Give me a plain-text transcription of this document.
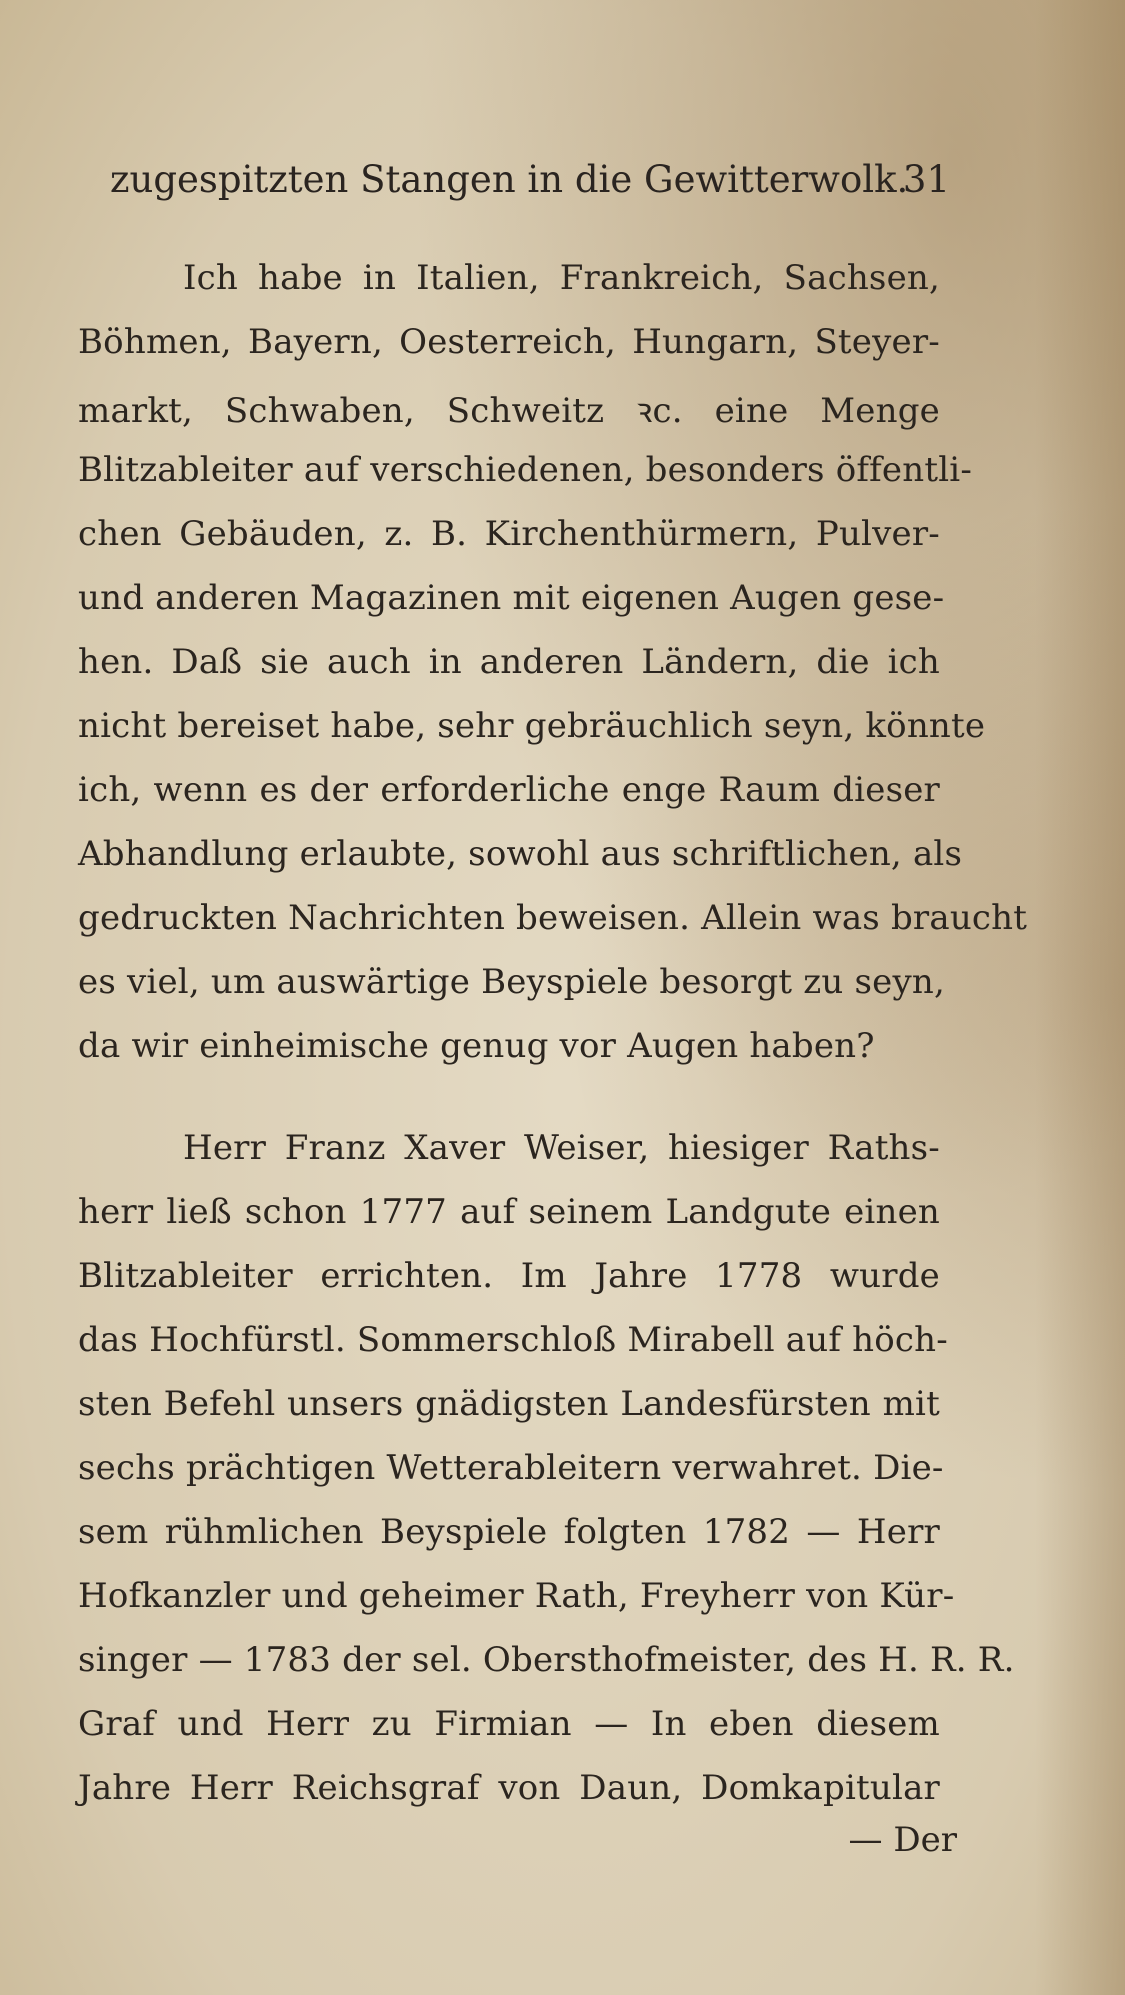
zugespitzten Stangen in die Gewitterwolk.
31
Ich habe in Italien, Frankreich, Sachsen,
Böhmen, Bayern, Oesterreich, Hungarn, Steyer-
markt, Schwaben, Schweitz ꝛc. eine Menge
Blitzableiter auf verschiedenen, besonders öffentli-
chen Gebäuden, z. B. Kirchenthürmern, Pulver-
und anderen Magazinen mit eigenen Augen gese-
hen. Daß sie auch in anderen Ländern, die ich
nicht bereiset habe, sehr gebräuchlich seyn, könnte
ich, wenn es der erforderliche enge Raum dieser
Abhandlung erlaubte, sowohl aus schriftlichen, als
gedruckten Nachrichten beweisen. Allein was braucht
es viel, um auswärtige Beyspiele besorgt zu seyn,
da wir einheimische genug vor Augen haben?
Herr Franz Xaver Weiser, hiesiger Raths-
herr ließ schon 1777 auf seinem Landgute einen
Blitzableiter errichten. Im Jahre 1778 wurde
das Hochfürstl. Sommerschloß Mirabell auf höch-
sten Befehl unsers gnädigsten Landesfürsten mit
sechs prächtigen Wetterableitern verwahret. Die-
sem rühmlichen Beyspiele folgten 1782 — Herr
Hofkanzler und geheimer Rath, Freyherr von Kür-
singer — 1783 der sel. Obersthofmeister, des H. R. R.
Graf und Herr zu Firmian — In eben diesem
Jahre Herr Reichsgraf von Daun, Domkapitular
— Der
